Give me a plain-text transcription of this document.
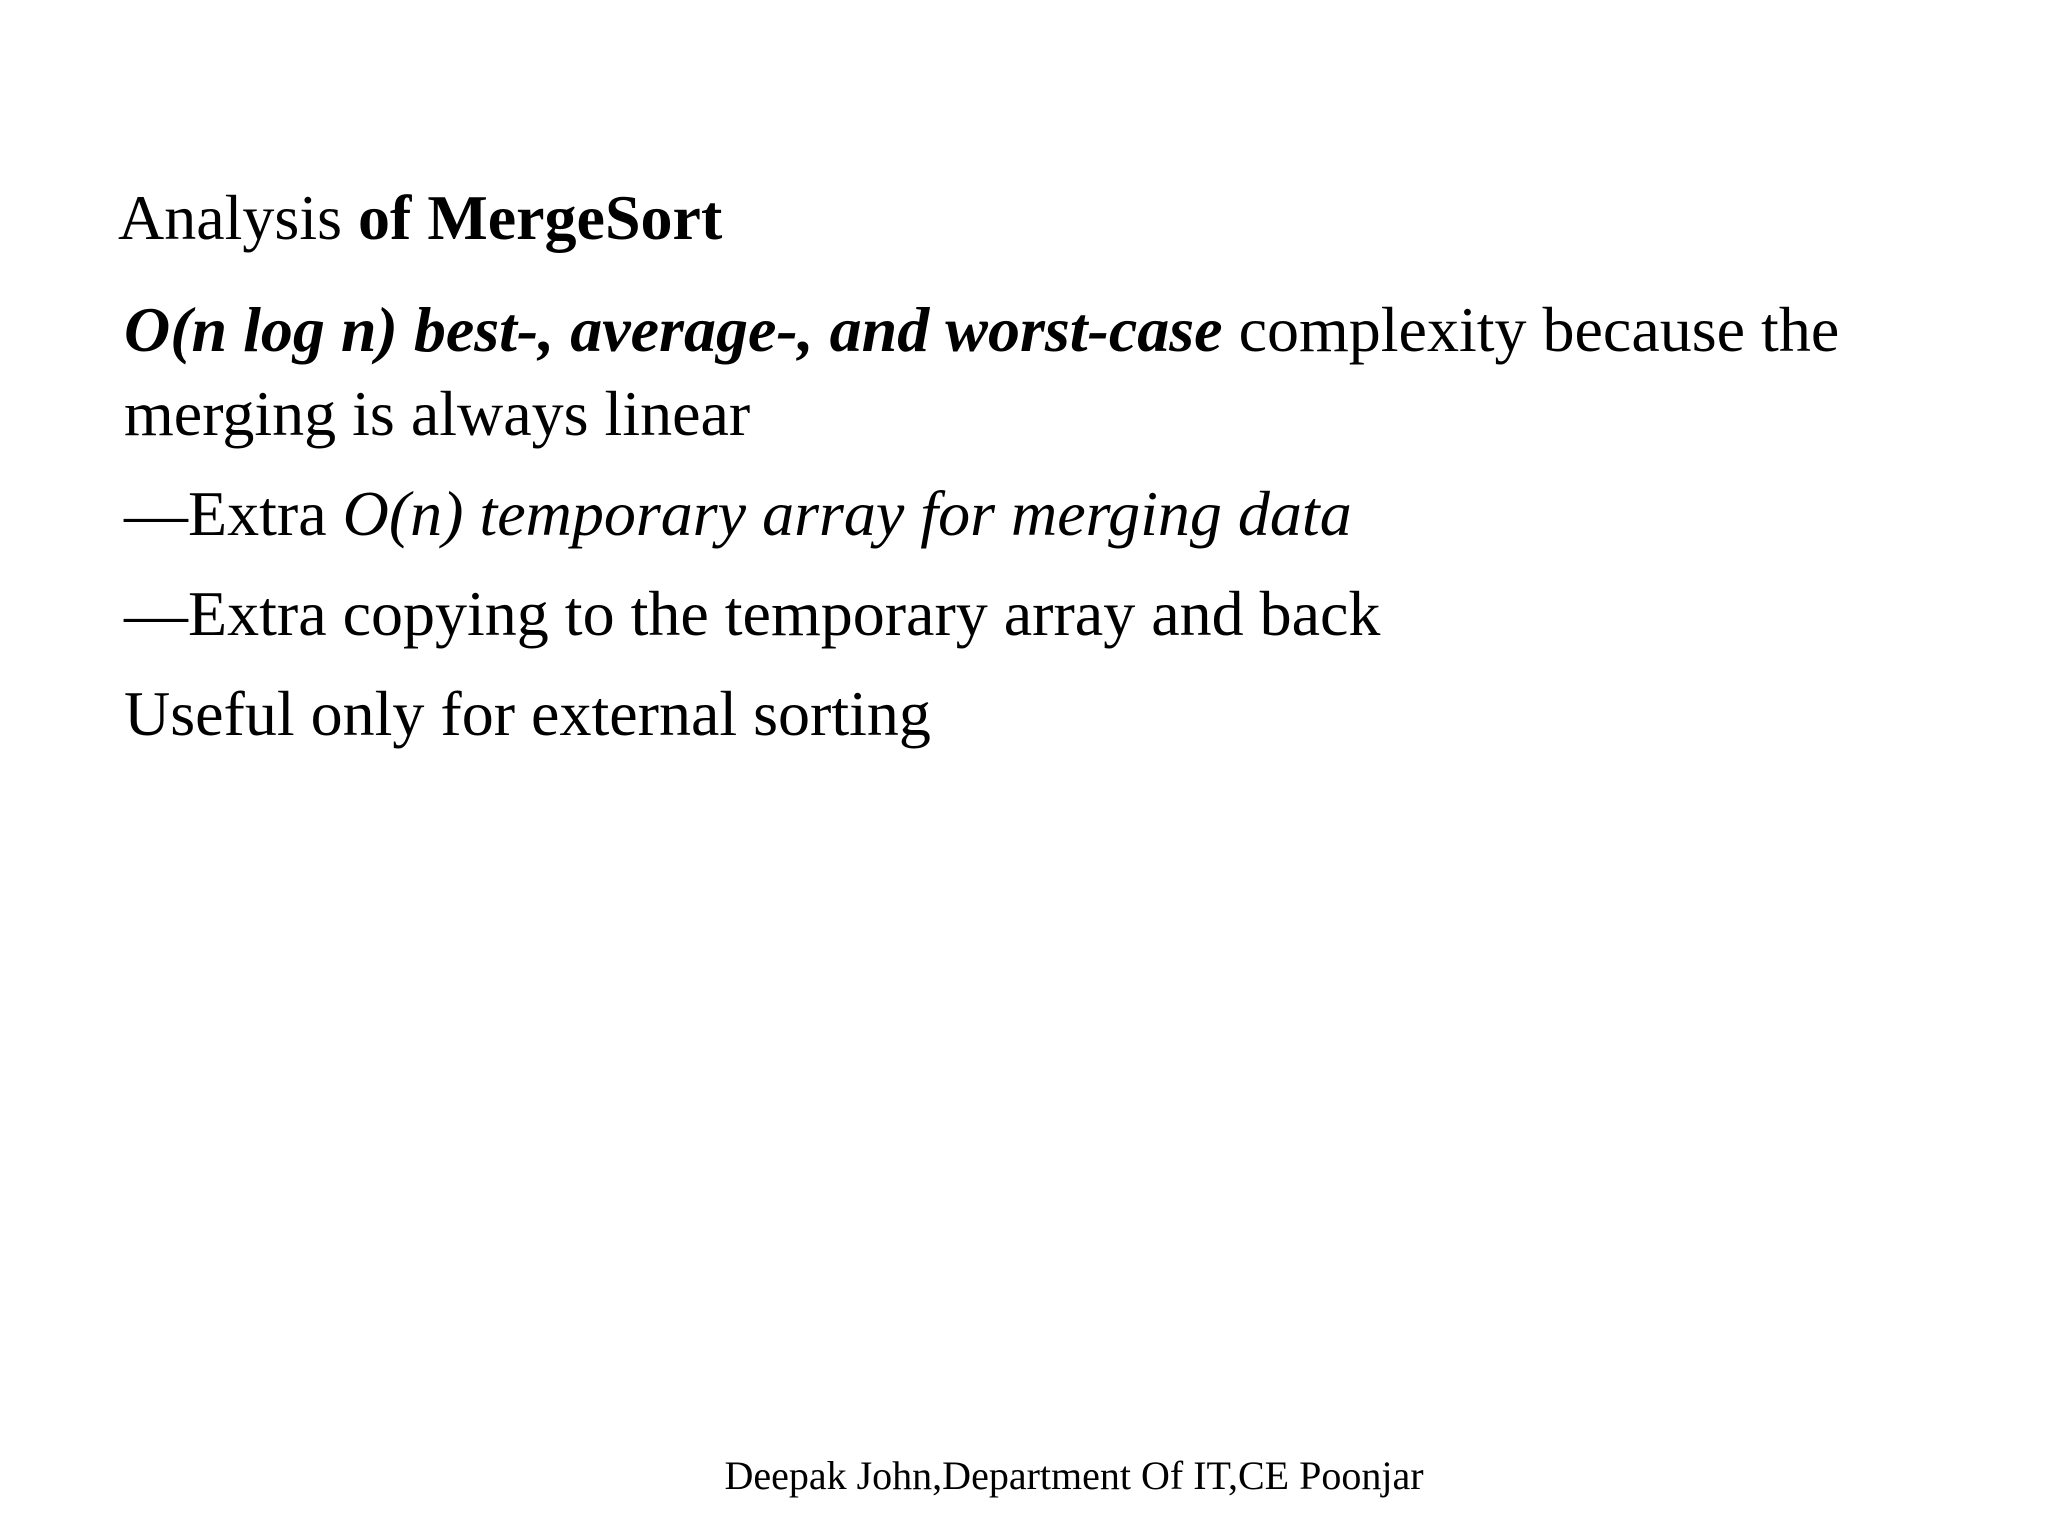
Analysis of MergeSort

O(n log n) best-, average-, and worst-case complexity because the merging is always linear

—Extra O(n) temporary array for merging data

—Extra copying to the temporary array and back

Useful only for external sorting

Deepak John,Department Of IT,CE Poonjar
